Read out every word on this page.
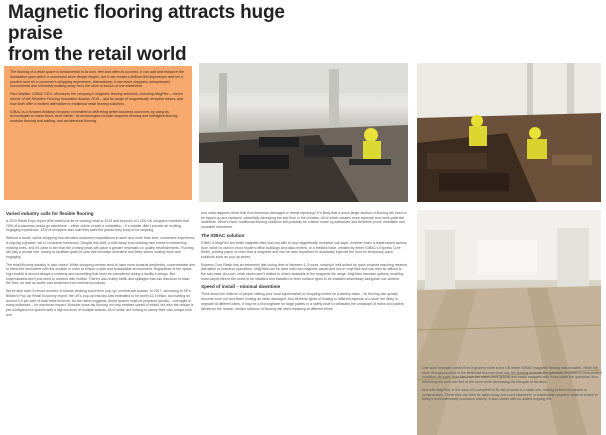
Magnetic flooring attracts huge praise
from the retail world

The flooring of a retail space is fundamental to its look, feel and often its success. It can add and enhance the foundation upon which a successful store design hinges, but it can create a brilliant first impression and set a positive tone for a customer's shopping experience. Alternatively, it can leave shoppers unimpressed, unconvinced and ultimately walking away from the store in favour of one elsewhere.

Paul Wadlan, IOBAC CEO, discusses the company's magnetic flooring solutions, including MagFlex – recent winner of the Retailers Flooring Innovation Awards 2019 – and its range of magnetically receptive bases, and how both offer a modern alternative to traditional retail flooring solutions.

IOBAC is a forward-thinking company committed to delivering better business outcomes by using its technologies to make floors work harder. Its technologies include magnetic flooring and intelligent flooring, modular flooring and walling, and architectural flooring.

Varied industry calls for flexible flooring

A 2019 Retail Expo report (Elle retail how its re-viewing retail in 2019 and beyond) of 1,000 UK shoppers revealed that 76% of consumers would go elsewhere – either online or with a competitor – if a retailer didn't provide an exciting, engaging experience; 43% of shoppers also said they want the places they shop to be inspiring.

Without a doubt, online shopping has elevated consumer expectations in store and more than ever, customers experience is playing a greater role in consumer behaviour. Despite this shift, a shift away from building new stores to enhancing existing ones, and it's clear to see that the coming years will place a greater emphasis on quality refurbishments. Flooring will play a pivotal role, having to facilitate quick fit-outs that minimise downtime and keep stores looking fresh and engaging.

The retail flooring industry is also varied. While shopping centres tend to have more towards aesthetics, supermarkets aim to blend the decorative with the durable in order to ensure a safe and sustainable environment. Regardless of the space, high footfall is almost always a certainty and something that must be considered during a facility's design. But supermarkets don't just need to contend with footfall. There's also trolley traffic and spillages that can discolour or stain the floor, as well as scuffs and scratches from wheeled products.

We've also seen a record number of brands booking short-term 'pop-up' commercial spaces. In 2017, according to EE's Britain's Pop-Up Retail Economy report, the UK's pop-up industry was estimated to be worth £2.3 billion, accounting for around 0.9 per cent of total retail turnover. As the name suggests, these spaces must be prepared quickly – overnight in many instances – for maximum impact. Modular loose-lay flooring not only enables speed of install, but also the design is pre-configured for spaces with a high turnover of multiple brands. All of which are looking to stamp their own unique look and

And what happens when that floor becomes damaged or needs replacing? It's likely that a much larger section of flooring will need to be ripped up and replaced, potentially damaging the sub-floor in the process. All of which creates more expense and more potential downtime. What's more, traditional flooring solutions will probably be custom made by adhesives and therefore prove unreliable and unusable elsewhere.

The IOBAC solution

IOBAC's MagFlex are small magnetic tiles that can affix to any magnetically receptive sub-layer, whether that's a metal raised access floor, which is used in most modern office buildings and data centres, or a metallic base, created by either IOBAC's Express Core Resin, priming paper or resin that is magnetic and can be used anywhere to drastically improve the floor for temporary quick solutions such as pop-up stores.

Express Core Resin has an extremely fast curing time of between 1-3 hours, making it well-suited for quick projects requiring minimal disruption to business operations. MagTabs can be used with non-magnetic carpet and lino in vinyl tiles and can then be affixed to the sub-base. As such, retail stores aren't limited to what's available in the magnetic tile range. MagTabs increase options, enabling most carpet tiles in the world to be installed and installed on their surface types to be installed seamlessly alongside one another.

Speed of install – minimal downtime

Think about the millions of people visiting your local supermarket or shopping centre on a weekly basis – its flooring can quickly become worn out and fewer looking as clean damaged. And all these types of floating in different aspects of a store are likely to degrade at different rates. It may be a thoroughfare for large pallets or a safety aisle to withstand the onslaught of trains and pallets. Whatever the reason, certain sections of flooring will need replacing at different times.

One such example comes from a grocery store in the US where IOBAC magnetic flooring was installed. While the store throughout most of the strait had become worn out, the flooring beneath the gondolas remained in near-perfect condition. As such, floor tiles from the aisles were quickly and easily swapped with those under the gondolas, thus refreshing the look and feel of the store while decreasing the lifecycle of the floor.

And with MagFlex, in the case of a complete re-fit, the process is a close one, leaving behind no residue or compromises. These tiles can then be taken away and used elsewhere or sustainably recycled, which is crucial in today's environmentally conscious society. It also comes with no added ongoing fee.
